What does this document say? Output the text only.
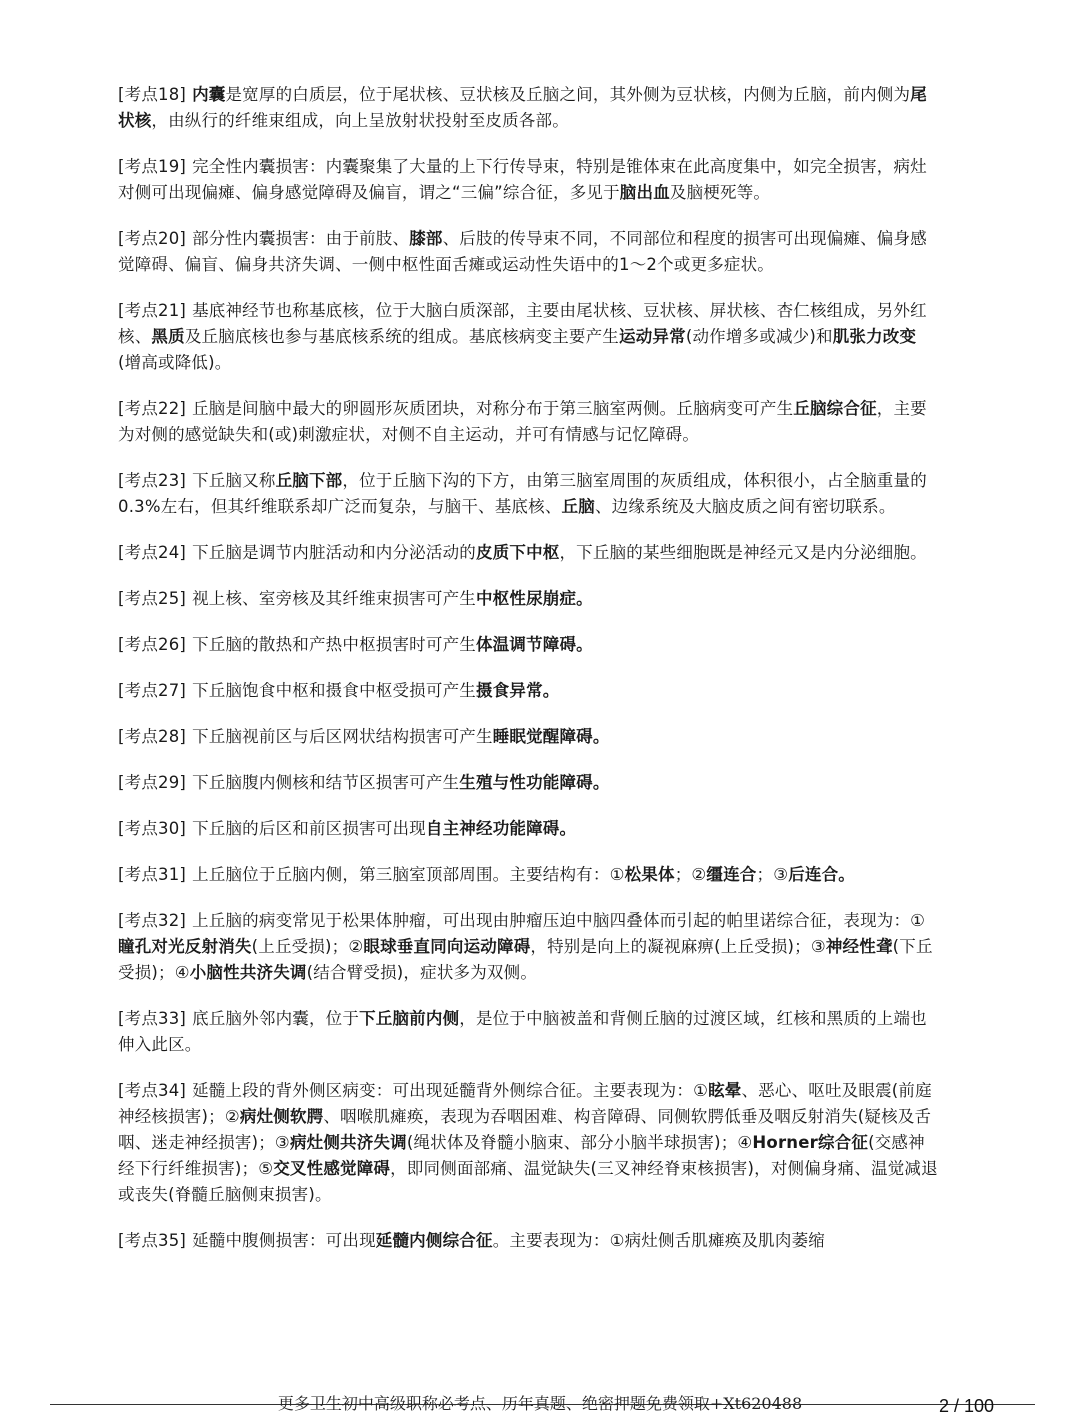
[考点18] 内囊是宽厚的白质层，位于尾状核、豆状核及丘脑之间，其外侧为豆状核，内侧为丘脑，前内侧为尾状核，由纵行的纤维束组成，向上呈放射状投射至皮质各部。

[考点19] 完全性内囊损害：内囊聚集了大量的上下行传导束，特别是锥体束在此高度集中，如完全损害，病灶对侧可出现偏瘫、偏身感觉障碍及偏盲，谓之“三偏”综合征，多见于脑出血及脑梗死等。

[考点20] 部分性内囊损害：由于前肢、膝部、后肢的传导束不同，不同部位和程度的损害可出现偏瘫、偏身感觉障碍、偏盲、偏身共济失调、一侧中枢性面舌瘫或运动性失语中的1～2个或更多症状。

[考点21] 基底神经节也称基底核，位于大脑白质深部，主要由尾状核、豆状核、屏状核、杏仁核组成，另外红核、黑质及丘脑底核也参与基底核系统的组成。基底核病变主要产生运动异常(动作增多或减少)和肌张力改变(增高或降低)。

[考点22] 丘脑是间脑中最大的卵圆形灰质团块，对称分布于第三脑室两侧。丘脑病变可产生丘脑综合征，主要为对侧的感觉缺失和(或)刺激症状，对侧不自主运动，并可有情感与记忆障碍。

[考点23] 下丘脑又称丘脑下部，位于丘脑下沟的下方，由第三脑室周围的灰质组成，体积很小，占全脑重量的0.3%左右，但其纤维联系却广泛而复杂，与脑干、基底核、丘脑、边缘系统及大脑皮质之间有密切联系。

[考点24] 下丘脑是调节内脏活动和内分泌活动的皮质下中枢，下丘脑的某些细胞既是神经元又是内分泌细胞。

[考点25] 视上核、室旁核及其纤维束损害可产生中枢性尿崩症。

[考点26] 下丘脑的散热和产热中枢损害时可产生体温调节障碍。

[考点27] 下丘脑饱食中枢和摄食中枢受损可产生摄食异常。

[考点28] 下丘脑视前区与后区网状结构损害可产生睡眠觉醒障碍。

[考点29] 下丘脑腹内侧核和结节区损害可产生生殖与性功能障碍。

[考点30] 下丘脑的后区和前区损害可出现自主神经功能障碍。

[考点31] 上丘脑位于丘脑内侧，第三脑室顶部周围。主要结构有：①松果体；②缰连合；③后连合。

[考点32] 上丘脑的病变常见于松果体肿瘤，可出现由肿瘤压迫中脑四叠体而引起的帕里诺综合征，表现为：①瞳孔对光反射消失(上丘受损)；②眼球垂直同向运动障碍，特别是向上的凝视麻痹(上丘受损)；③神经性聋(下丘受损)；④小脑性共济失调(结合臂受损)，症状多为双侧。

[考点33] 底丘脑外邻内囊，位于下丘脑前内侧，是位于中脑被盖和背侧丘脑的过渡区域，红核和黑质的上端也伸入此区。

[考点34] 延髓上段的背外侧区病变：可出现延髓背外侧综合征。主要表现为：①眩晕、恶心、呕吐及眼震(前庭神经核损害)；②病灶侧软腭、咽喉肌瘫痪，表现为吞咽困难、构音障碍、同侧软腭低垂及咽反射消失(疑核及舌咽、迷走神经损害)；③病灶侧共济失调(绳状体及脊髓小脑束、部分小脑半球损害)；④Horner综合征(交感神经下行纤维损害)；⑤交叉性感觉障碍，即同侧面部痛、温觉缺失(三叉神经脊束核损害)，对侧偏身痛、温觉减退或丧失(脊髓丘脑侧束损害)。

[考点35] 延髓中腹侧损害：可出现延髓内侧综合征。主要表现为：①病灶侧舌肌瘫痪及肌肉萎缩

更多卫生初中高级职称必考点、历年真题、绝密押题免费领取+Xt620488	2 / 100
